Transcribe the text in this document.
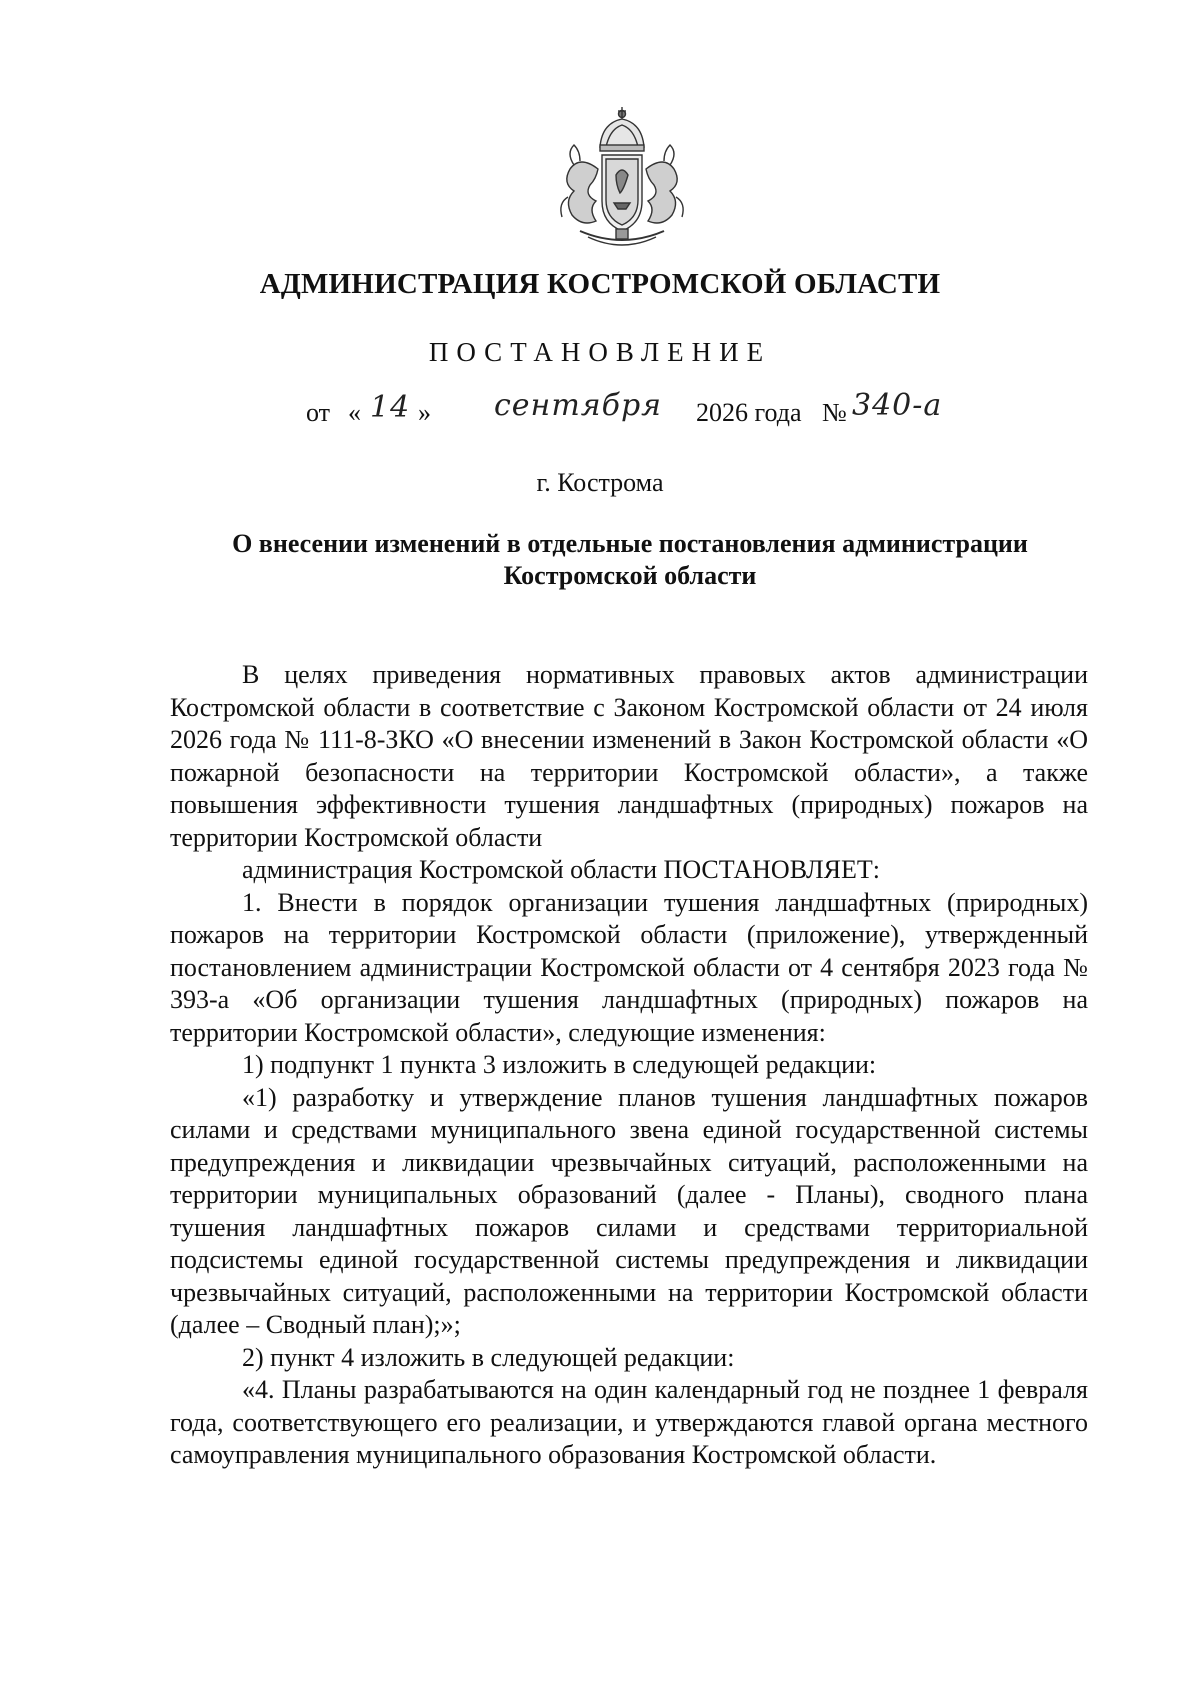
АДМИНИСТРАЦИЯ КОСТРОМСКОЙ ОБЛАСТИ
ПОСТАНОВЛЕНИЕ
от « 14 » сентября 2026 года № 340-а
г. Кострома
О внесении изменений в отдельные постановления администрации Костромской области

В целях приведения нормативных правовых актов администрации Костромской области в соответствие с Законом Костромской области от 24 июля 2026 года № 111-8-ЗКО «О внесении изменений в Закон Костромской области «О пожарной безопасности на территории Костромской области», а также повышения эффективности тушения ландшафтных (природных) пожаров на территории Костромской области

администрация Костромской области ПОСТАНОВЛЯЕТ:

1. Внести в порядок организации тушения ландшафтных (природных) пожаров на территории Костромской области (приложение), утвержденный постановлением администрации Костромской области от 4 сентября 2023 года № 393-а «Об организации тушения ландшафтных (природных) пожаров на территории Костромской области», следующие изменения:

1) подпункт 1 пункта 3 изложить в следующей редакции:

«1) разработку и утверждение планов тушения ландшафтных пожаров силами и средствами муниципального звена единой государственной системы предупреждения и ликвидации чрезвычайных ситуаций, расположенными на территории муниципальных образований (далее - Планы), сводного плана тушения ландшафтных пожаров силами и средствами территориальной подсистемы единой государственной системы предупреждения и ликвидации чрезвычайных ситуаций, расположенными на территории Костромской области (далее – Сводный план);»;

2) пункт 4 изложить в следующей редакции:

«4. Планы разрабатываются на один календарный год не позднее 1 февраля года, соответствующего его реализации, и утверждаются главой органа местного самоуправления муниципального образования Костромской области.
